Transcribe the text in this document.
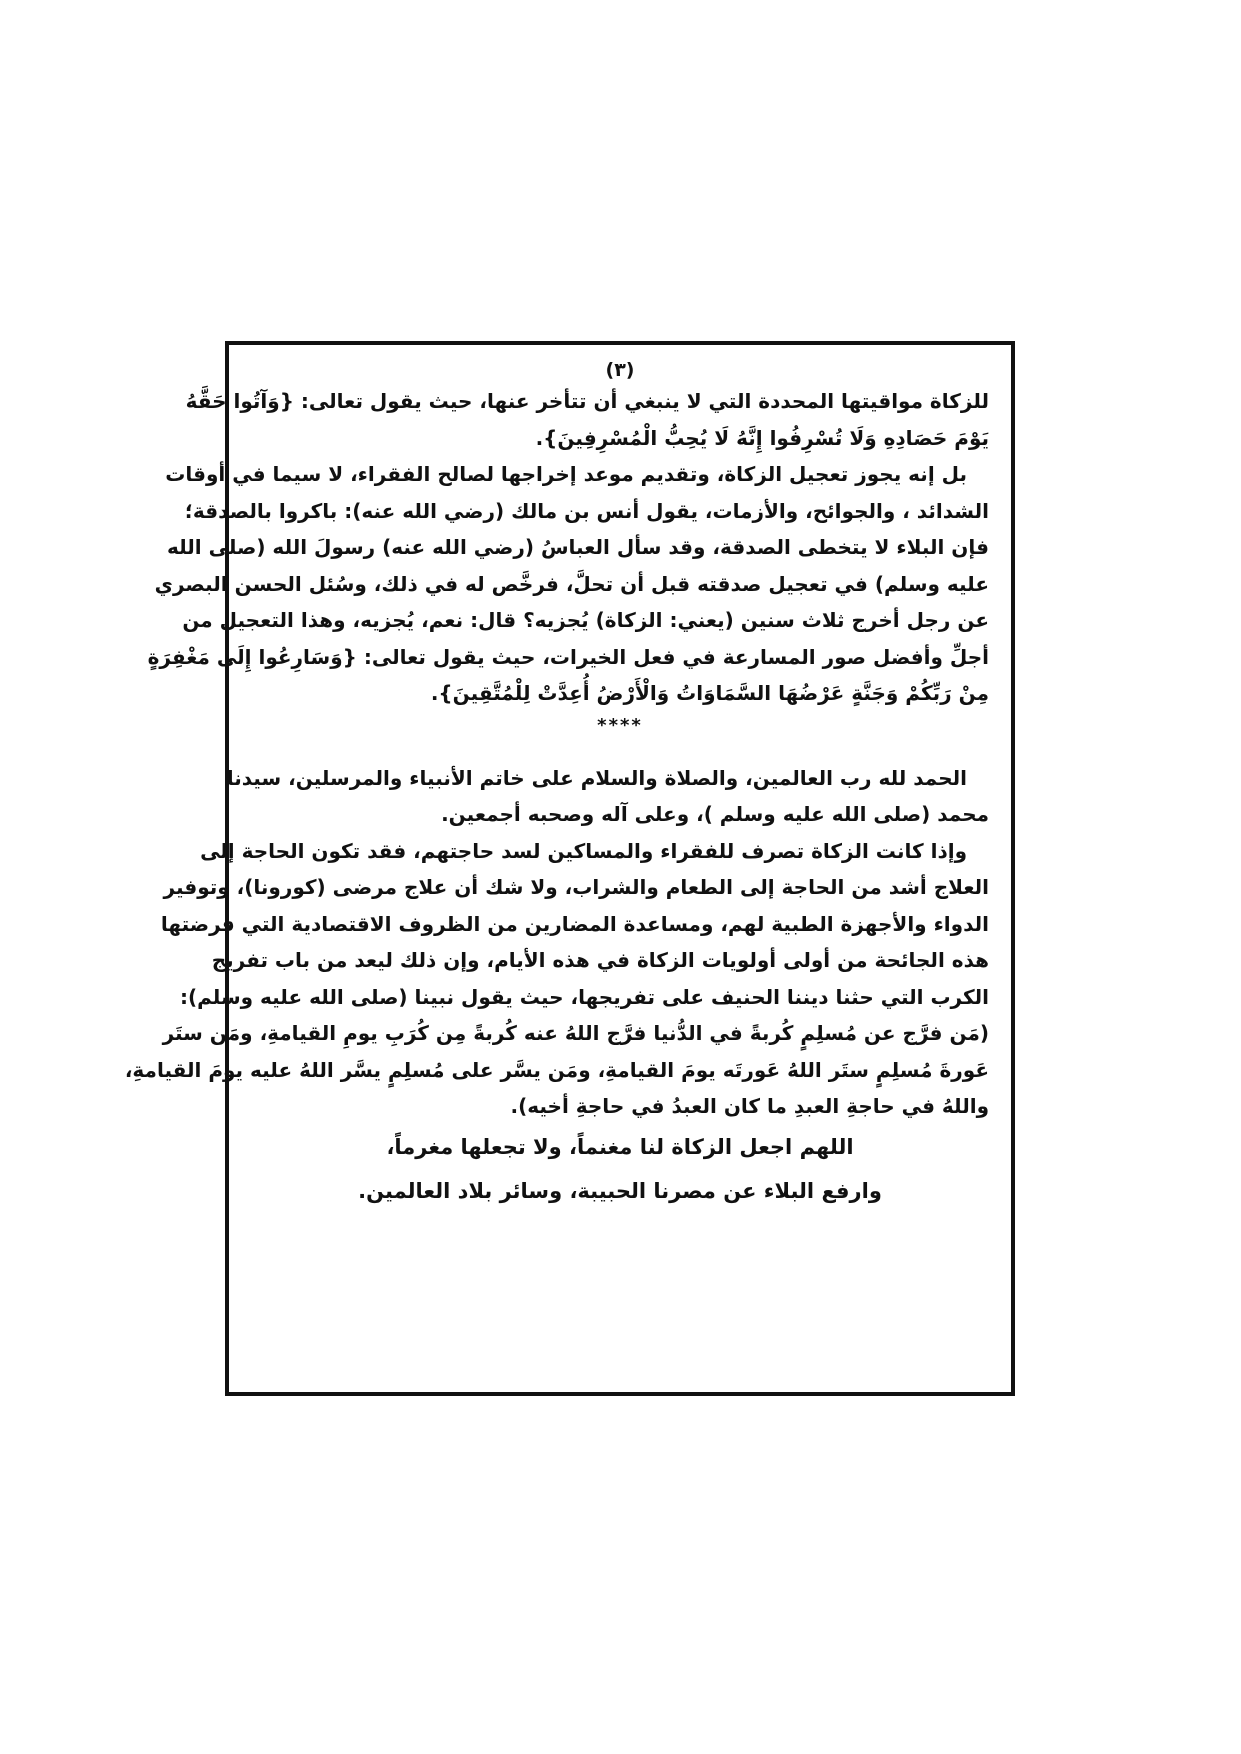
(٣)
للزكاة مواقيتها المحددة التي لا ينبغي أن تتأخر عنها، حيث يقول تعالى: {وَآتُوا حَقَّهُ
يَوْمَ حَصَادِهِ وَلَا تُسْرِفُوا إِنَّهُ لَا يُحِبُّ الْمُسْرِفِينَ}.
بل إنه يجوز تعجيل الزكاة، وتقديم موعد إخراجها لصالح الفقراء، لا سيما في أوقات
الشدائد ، والجوائح، والأزمات، يقول أنس بن مالك (رضي الله عنه): باكروا بالصدقة؛
فإن البلاء لا يتخطى الصدقة، وقد سأل العباسُ (رضي الله عنه) رسولَ الله (صلى الله
عليه وسلم) في تعجيل صدقته قبل أن تحلَّ، فرخَّص له في ذلك، وسُئل الحسن البصري
عن رجل أخرج ثلاث سنين (يعني: الزكاة) يُجزيه؟ قال: نعم، يُجزيه، وهذا التعجيل من
أجلِّ وأفضل صور المسارعة في فعل الخيرات، حيث يقول تعالى: {وَسَارِعُوا إِلَى مَغْفِرَةٍ
مِنْ رَبِّكُمْ وَجَنَّةٍ عَرْضُهَا السَّمَاوَاتُ وَالْأَرْضُ أُعِدَّتْ لِلْمُتَّقِينَ}.
****
الحمد لله رب العالمين، والصلاة والسلام على خاتم الأنبياء والمرسلين، سيدنا
محمد (صلى الله عليه وسلم )، وعلى آله وصحبه أجمعين.
وإذا كانت الزكاة تصرف للفقراء والمساكين لسد حاجتهم، فقد تكون الحاجة إلى
العلاج أشد من الحاجة إلى الطعام والشراب، ولا شك أن علاج مرضى (كورونا)، وتوفير
الدواء والأجهزة الطبية لهم، ومساعدة المضارين من الظروف الاقتصادية التي فرضتها
هذه الجائحة من أولى أولويات الزكاة في هذه الأيام، وإن ذلك ليعد من باب تفريج
الكرب التي حثنا ديننا الحنيف على تفريجها، حيث يقول نبينا (صلى الله عليه وسلم):
(مَن فرَّج عن مُسلِمٍ كُربةً في الدُّنيا فرَّج اللهُ عنه كُربةً مِن كُرَبِ يومِ القيامةِ، ومَن ستَر
عَورةَ مُسلِمٍ ستَر اللهُ عَورتَه يومَ القيامةِ، ومَن يسَّر على مُسلِمٍ يسَّر اللهُ عليه يومَ القيامةِ،
واللهُ في حاجةِ العبدِ ما كان العبدُ في حاجةِ أخيه).
اللهم اجعل الزكاة لنا مغنماً، ولا تجعلها مغرماً،
وارفع البلاء عن مصرنا الحبيبة، وسائر بلاد العالمين.
